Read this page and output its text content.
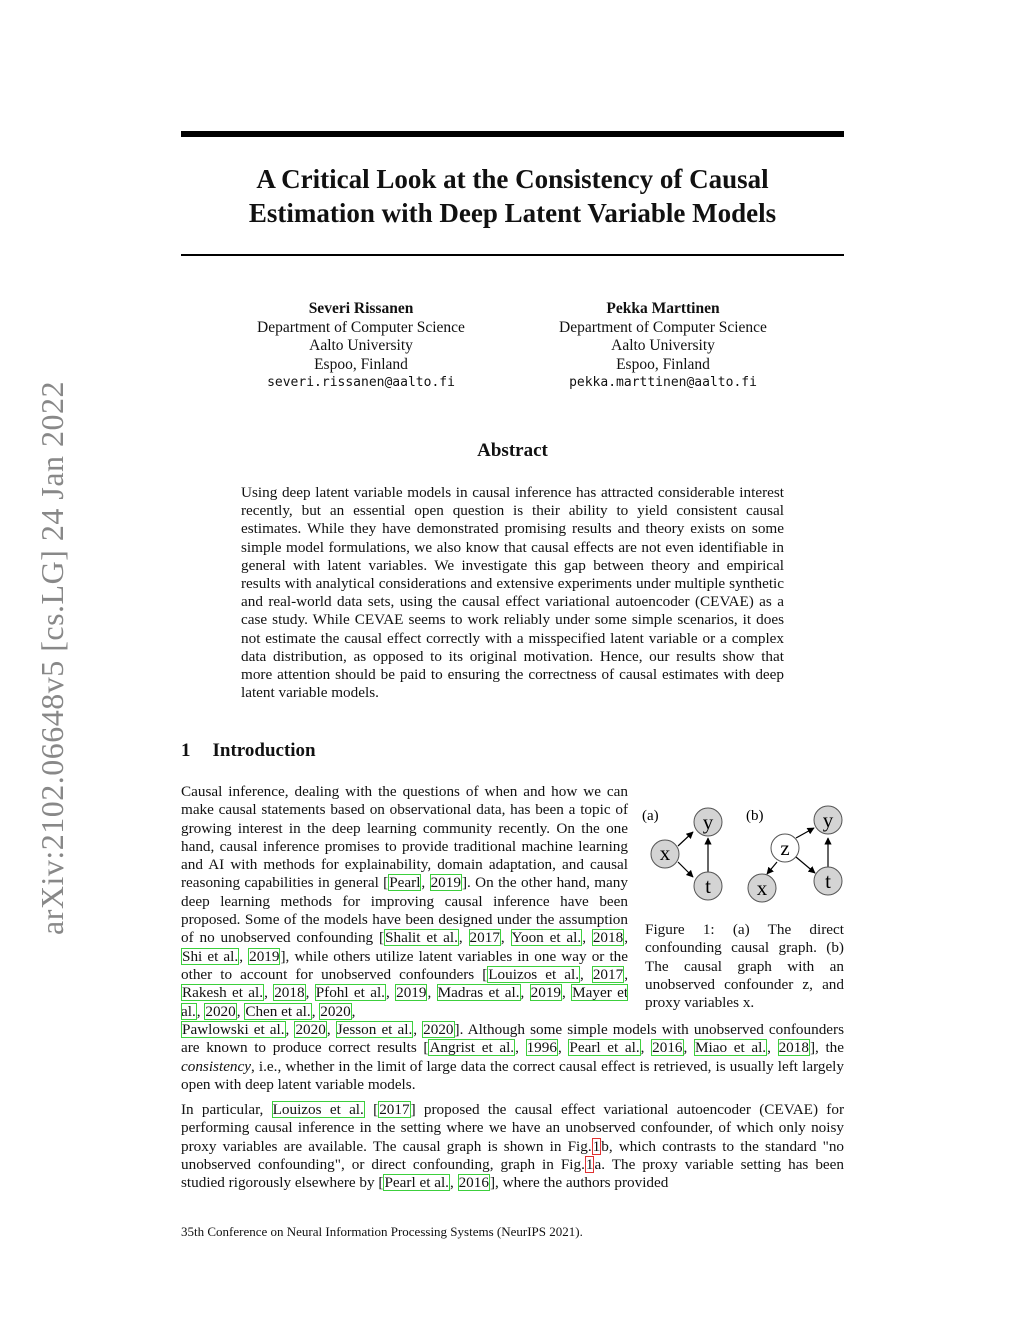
arXiv:2102.06648v5 [cs.LG] 24 Jan 2022
A Critical Look at the Consistency of Causal
Estimation with Deep Latent Variable Models
Severi Rissanen
Department of Computer Science
Aalto University
Espoo, Finland
severi.rissanen@aalto.fi
Pekka Marttinen
Department of Computer Science
Aalto University
Espoo, Finland
pekka.marttinen@aalto.fi
Abstract

Using deep latent variable models in causal inference has attracted considerable interest recently, but an essential open question is their ability to yield consistent causal estimates. While they have demonstrated promising results and theory exists on some simple model formulations, we also know that causal effects are not even identifiable in general with latent variables. We investigate this gap between theory and empirical results with analytical considerations and extensive experiments under multiple synthetic and real-world data sets, using the causal effect variational autoencoder (CEVAE) as a case study. While CEVAE seems to work reliably under some simple scenarios, it does not estimate the causal effect correctly with a misspecified latent variable or a complex data distribution, as opposed to its original motivation. Hence, our results show that more attention should be paid to ensuring the correctness of causal estimates with deep latent variable models.

1 Introduction

Causal inference, dealing with the questions of when and how we can make causal statements based on observational data, has been a topic of growing interest in the deep learning community recently. On the one hand, causal inference promises to provide traditional machine learning and AI with methods for explainability, domain adaptation, and causal reasoning capabilities in general [Pearl, 2019]. On the other hand, many deep learning methods for improving causal inference have been proposed. Some of the models have been designed under the assumption of no unobserved confounding [Shalit et al., 2017, Yoon et al., 2018, Shi et al., 2019], while others utilize latent variables in one way or the other to account for unobserved confounders [Louizos et al., 2017, Rakesh et al., 2018, Pfohl et al., 2019, Madras et al., 2019, Mayer et al., 2020, Chen et al., 2020,

Pawlowski et al., 2020, Jesson et al., 2020]. Although some simple models with unobserved confounders are known to produce correct results [Angrist et al., 1996, Pearl et al., 2016, Miao et al., 2018], the consistency, i.e., whether in the limit of large data the correct causal effect is retrieved, is usually left largely open with deep latent variable models.

In particular, Louizos et al. [2017] proposed the causal effect variational autoencoder (CEVAE) for performing causal inference in the setting where we have an unobserved confounder, of which only noisy proxy variables are available. The causal graph is shown in Fig.1b, which contrasts to the standard "no unobserved confounding", or direct confounding, graph in Fig.1a. The proxy variable setting has been studied rigorously elsewhere by [Pearl et al., 2016], where the authors provided

(a)	(b)
x
y
t
z
y
t
x

Figure 1: (a) The direct confounding causal graph. (b) The causal graph with an unobserved confounder z, and proxy variables x.

35th Conference on Neural Information Processing Systems (NeurIPS 2021).
